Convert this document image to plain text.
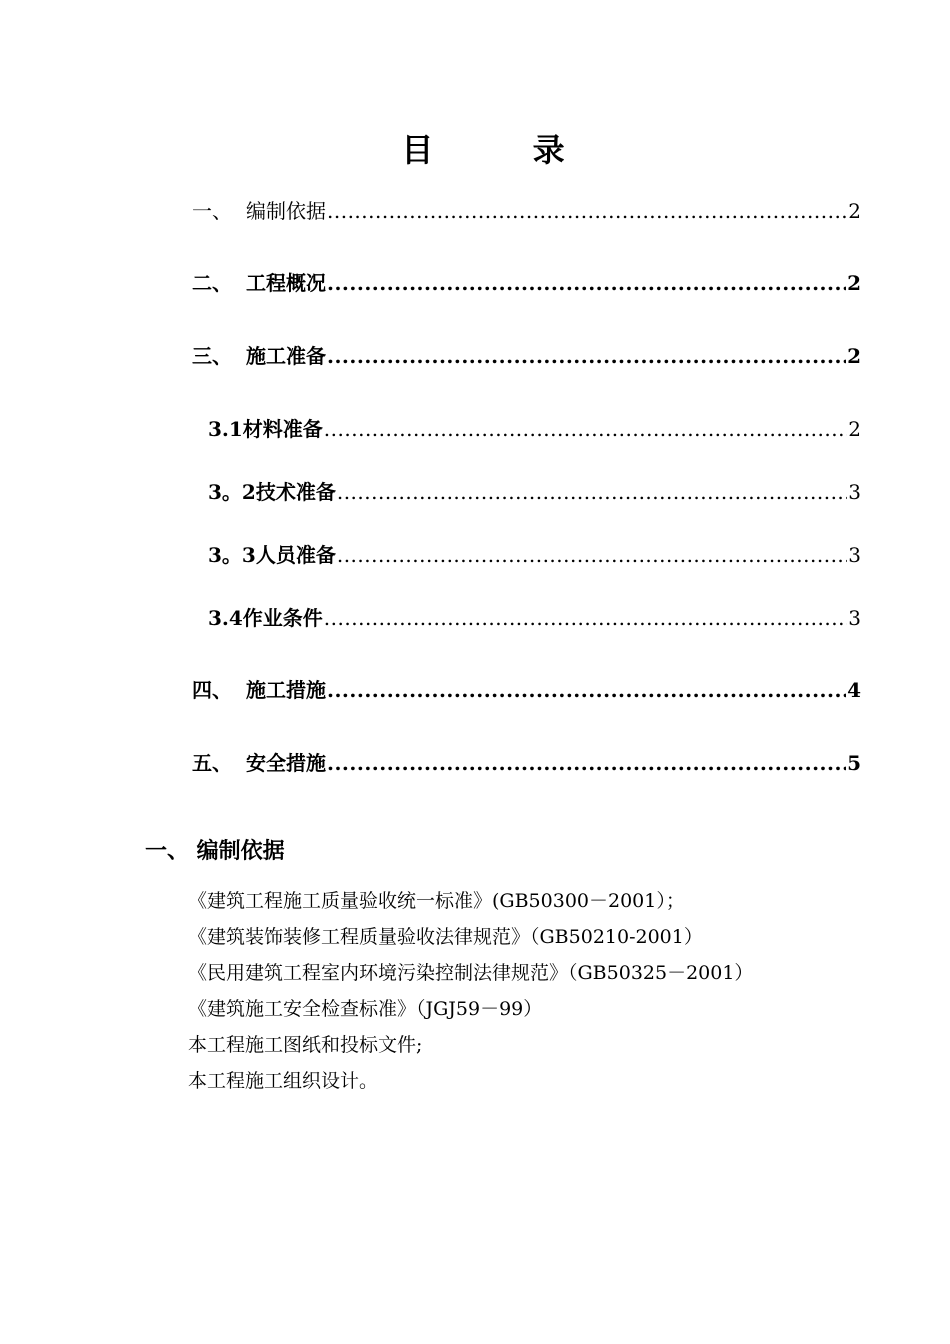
目 录
一、 编制依据 .....	2
二、 工程概况 .....	2
三、 施工准备 .....	2
3.1 材料准备 .....	2
3。2 技术准备 .....	3
3。3 人员准备 .....	3
3.4 作业条件 .....	3
四、 施工措施 .....	4
五、 安全措施 .....	5
一、 编制依据
《建筑工程施工质量验收统一标准》(GB50300－2001）；
《建筑装饰装修工程质量验收法律规范》（GB50210-2001）
《民用建筑工程室内环境污染控制法律规范》（GB50325－2001）
《建筑施工安全检查标准》（JGJ59－99）
本工程施工图纸和投标文件;
本工程施工组织设计。
